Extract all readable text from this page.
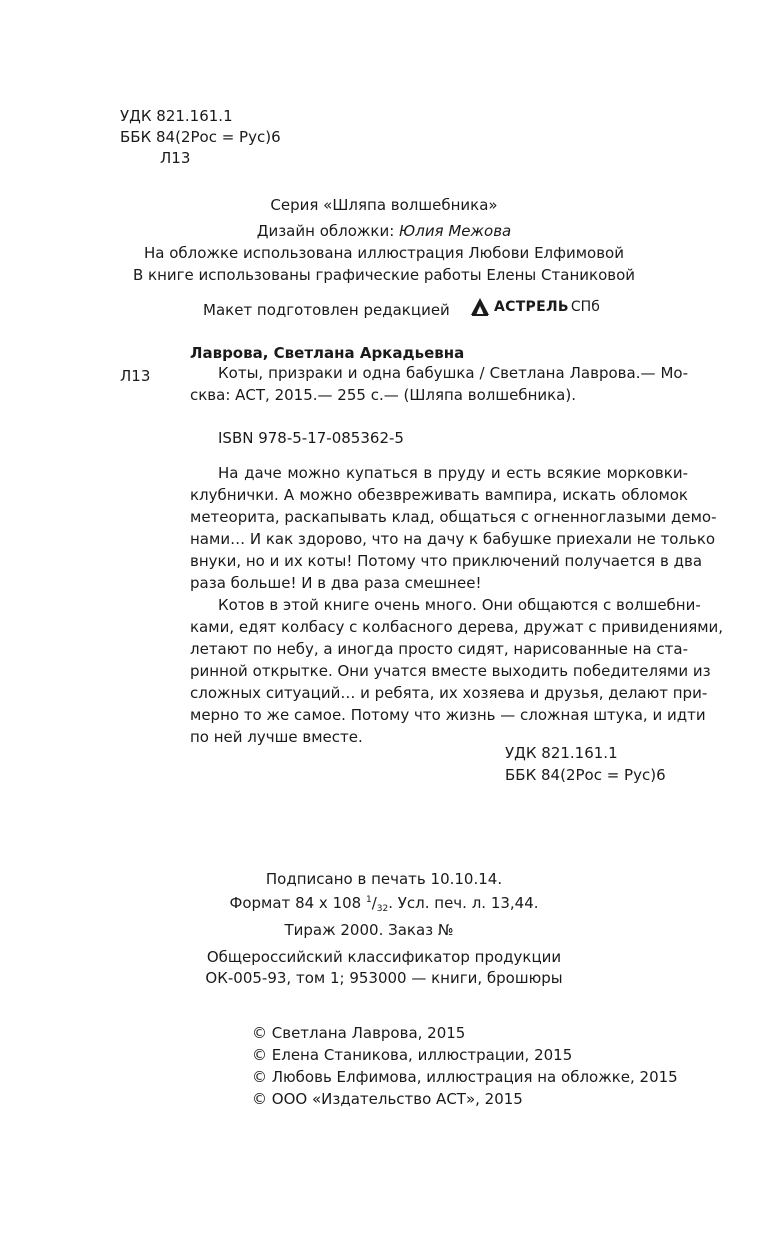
УДК 821.161.1
ББК 84(2Рос = Рус)6
Л13
Серия «Шляпа волшебника»
Дизайн обложки: Юлия Межова
На обложке использована иллюстрация Любови Елфимовой
В книге использованы графические работы Елены Станиковой
Макет подготовлен редакцией	АСТРЕЛЬ СПб
Лаврова, Светлана Аркадьевна
Л13	Коты, призраки и одна бабушка / Светлана Лаврова.— Мо-
сква: АСТ, 2015.— 255 с.— (Шляпа волшебника).
ISBN 978-5-17-085362-5
На даче можно купаться в пруду и есть всякие морковки-
клубнички. А можно обезвреживать вампира, искать обломок
метеорита, раскапывать клад, общаться с огненноглазыми демо-
нами… И как здорово, что на дачу к бабушке приехали не только
внуки, но и их коты! Потому что приключений получается в два
раза больше! И в два раза смешнее!
Котов в этой книге очень много. Они общаются с волшебни-
ками, едят колбасу с колбасного дерева, дружат с привидениями,
летают по небу, а иногда просто сидят, нарисованные на ста-
ринной открытке. Они учатся вместе выходить победителями из
сложных ситуаций… и ребята, их хозяева и друзья, делают при-
мерно то же самое. Потому что жизнь — сложная штука, и идти
по ней лучше вместе.
УДК 821.161.1
ББК 84(2Рос = Рус)6
Подписано в печать 10.10.14.
Формат 84 x 108 $^1/_{32}$. Усл. печ. л. 13,44.
Тираж 2000. Заказ №
Общероссийский классификатор продукции
ОК-005-93, том 1; 953000 — книги, брошюры
© Светлана Лаврова, 2015
© Елена Станикова, иллюстрации, 2015
© Любовь Елфимова, иллюстрация на обложке, 2015
© ООО «Издательство АСТ», 2015
